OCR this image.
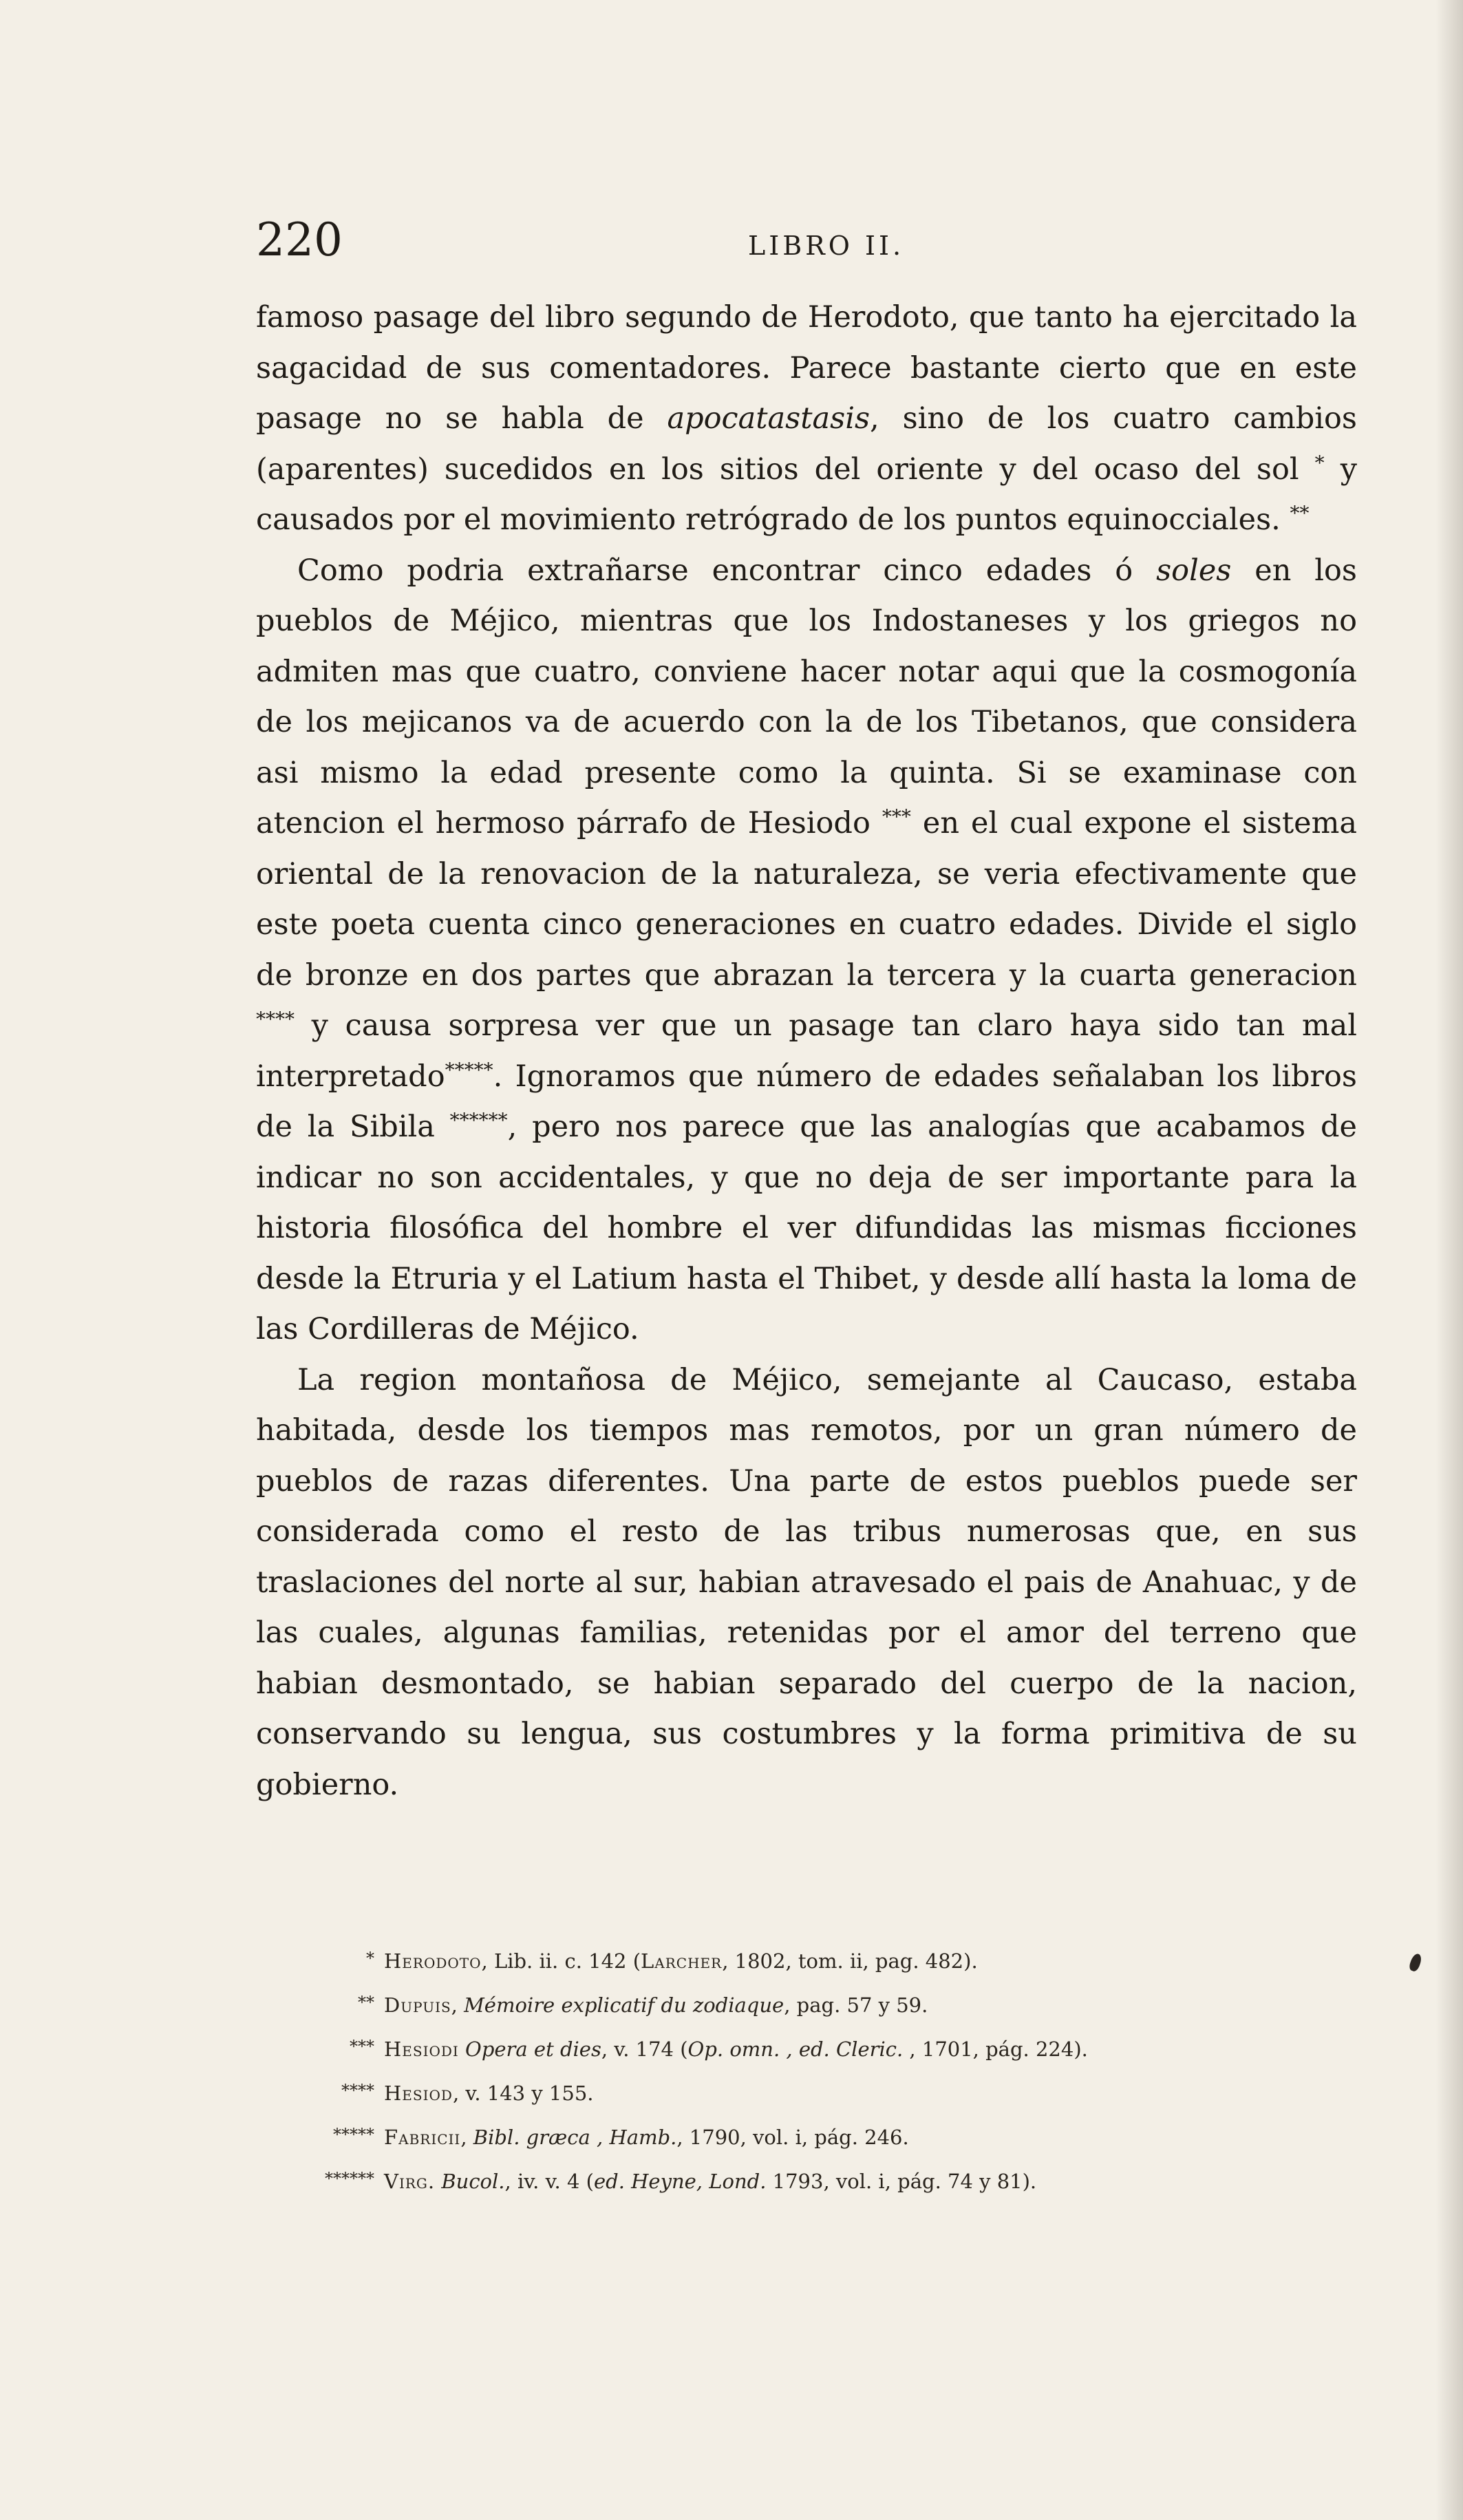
220	LIBRO II.

famoso pasage del libro segundo de Herodoto, que tanto ha ejercitado la sagacidad de sus comentadores. Parece bastante cierto que en este pasage no se habla de apocatastasis, sino de los cuatro cambios (aparentes) sucedidos en los sitios del oriente y del ocaso del sol * y causados por el movimiento retrógrado de los puntos equinocciales. **

Como podria extrañarse encontrar cinco edades ó soles en los pueblos de Méjico, mientras que los Indostaneses y los griegos no admiten mas que cuatro, conviene hacer notar aqui que la cosmogonía de los mejicanos va de acuerdo con la de los Tibetanos, que considera asi mismo la edad presente como la quinta. Si se examinase con atencion el hermoso párrafo de Hesiodo *** en el cual expone el sistema oriental de la renovacion de la naturaleza, se veria efectivamente que este poeta cuenta cinco generaciones en cuatro edades. Divide el siglo de bronze en dos partes que abrazan la tercera y la cuarta generacion **** y causa sorpresa ver que un pasage tan claro haya sido tan mal interpretado*****. Ignoramos que número de edades señalaban los libros de la Sibila ******, pero nos parece que las analogías que acabamos de indicar no son accidentales, y que no deja de ser importante para la historia filosófica del hombre el ver difundidas las mismas ficciones desde la Etruria y el Latium hasta el Thibet, y desde allí hasta la loma de las Cordilleras de Méjico.

La region montañosa de Méjico, semejante al Caucaso, estaba habitada, desde los tiempos mas remotos, por un gran número de pueblos de razas diferentes. Una parte de estos pueblos puede ser considerada como el resto de las tribus numerosas que, en sus traslaciones del norte al sur, habian atravesado el pais de Anahuac, y de las cuales, algunas familias, retenidas por el amor del terreno que habian desmontado, se habian separado del cuerpo de la nacion, conservando su lengua, sus costumbres y la forma primitiva de su gobierno.

* Herodoto, Lib. ii. c. 142 (Larcher, 1802, tom. ii, pag. 482).
** Dupuis, Mémoire explicatif du zodiaque, pag. 57 y 59.
*** Hesiodi Opera et dies, v. 174 (Op. omn. , ed. Cleric. , 1701, pág. 224).
**** Hesiod, v. 143 y 155.
***** Fabricii, Bibl. græca , Hamb., 1790, vol. i, pág. 246.
****** Virg. Bucol., iv. v. 4 (ed. Heyne, Lond. 1793, vol. i, pág. 74 y 81).
